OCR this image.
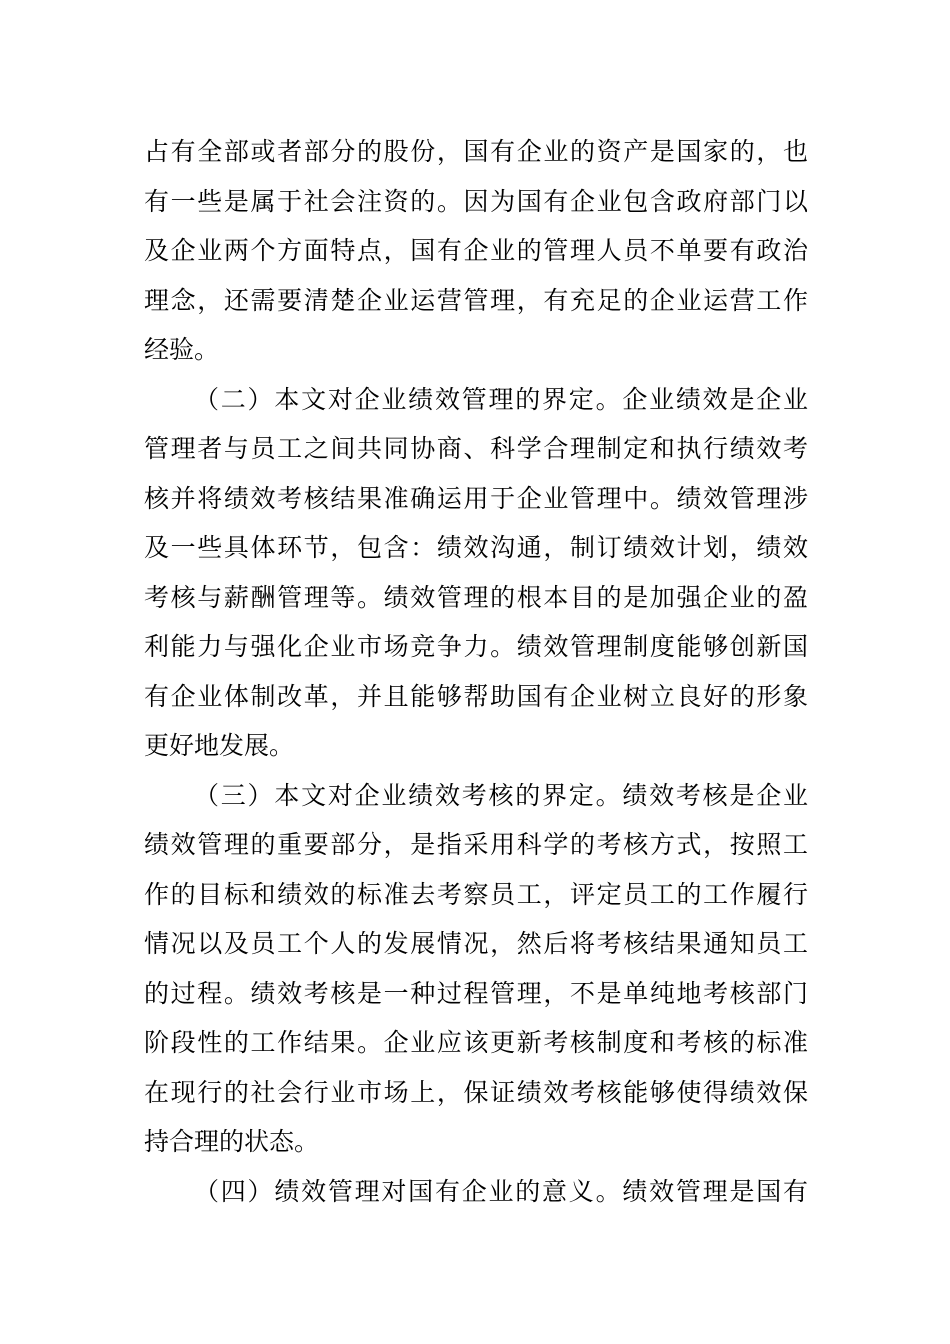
占有全部或者部分的股份，国有企业的资产是国家的，也
有一些是属于社会注资的。因为国有企业包含政府部门以
及企业两个方面特点，国有企业的管理人员不单要有政治
理念，还需要清楚企业运营管理，有充足的企业运营工作
经验。
（二）本文对企业绩效管理的界定。企业绩效是企业
管理者与员工之间共同协商、科学合理制定和执行绩效考
核并将绩效考核结果准确运用于企业管理中。绩效管理涉
及一些具体环节，包含：绩效沟通，制订绩效计划，绩效
考核与薪酬管理等。绩效管理的根本目的是加强企业的盈
利能力与强化企业市场竞争力。绩效管理制度能够创新国
有企业体制改革，并且能够帮助国有企业树立良好的形象
更好地发展。
（三）本文对企业绩效考核的界定。绩效考核是企业
绩效管理的重要部分，是指采用科学的考核方式，按照工
作的目标和绩效的标准去考察员工，评定员工的工作履行
情况以及员工个人的发展情况，然后将考核结果通知员工
的过程。绩效考核是一种过程管理，不是单纯地考核部门
阶段性的工作结果。企业应该更新考核制度和考核的标准
在现行的社会行业市场上，保证绩效考核能够使得绩效保
持合理的状态。
（四）绩效管理对国有企业的意义。绩效管理是国有
